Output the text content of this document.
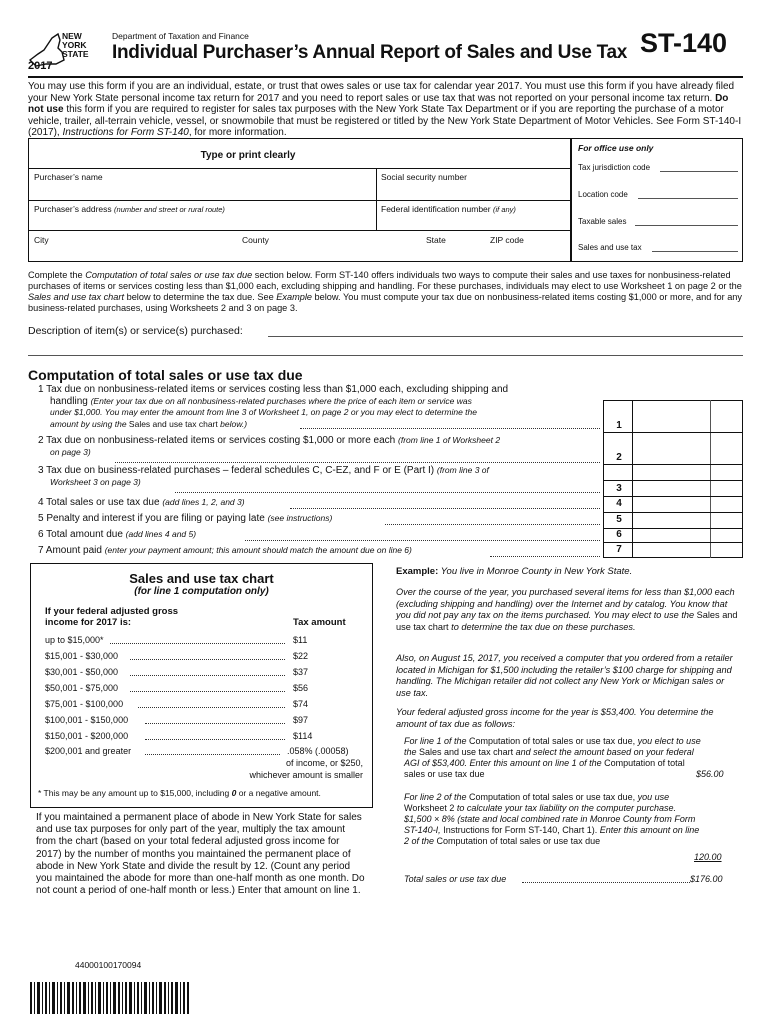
NEW
YORK
STATE
2017
Department of Taxation and Finance
Individual Purchaser’s Annual Report of Sales and Use Tax ST-140
You may use this form if you are an individual, estate, or trust that owes sales or use tax for calendar year 2017. You must use this form if you have already filed your New York State personal income tax return for 2017 and you need to report sales or use tax that was not reported on your personal income tax return. Do not use this form if you are required to register for sales tax purposes with the New York State Tax Department or if you are reporting the purchase of a motor vehicle, trailer, all-terrain vehicle, vessel, or snowmobile that must be registered or titled by the New York State Department of Motor Vehicles. See Form ST-140-I (2017), Instructions for Form ST-140, for more information.
Type or print clearly
Purchaser’s name	Social security number
Purchaser’s address (number and street or rural route)	Federal identification number (if any)
City	County	State	ZIP code
For office use only
Tax jurisdiction code
Location code
Taxable sales
Sales and use tax
Complete the Computation of total sales or use tax due section below. Form ST-140 offers individuals two ways to compute their sales and use taxes for nonbusiness-related purchases of items or services costing less than $1,000 each, excluding shipping and handling. For these purchases, individuals may elect to use Worksheet 1 on page 2 or the Sales and use tax chart below to determine the tax due. See Example below. You must compute your tax due on nonbusiness-related items costing $1,000 or more, and for any business-related purchases, using Worksheets 2 and 3 on page 3.
Description of item(s) or service(s) purchased:
Computation of total sales or use tax due
1 Tax due on nonbusiness-related items or services costing less than $1,000 each, excluding shipping and
handling (Enter your tax due on all nonbusiness-related purchases where the price of each item or service was
under $1,000. You may enter the amount from line 3 of Worksheet 1, on page 2 or you may elect to determine the
amount by using the Sales and use tax chart below.)
2 Tax due on nonbusiness-related items or services costing $1,000 or more each (from line 1 of Worksheet 2
on page 3)
3 Tax due on business-related purchases – federal schedules C, C-EZ, and F or E (Part I) (from line 3 of
Worksheet 3 on page 3)
4 Total sales or use tax due (add lines 1, 2, and 3)
5 Penalty and interest if you are filing or paying late (see instructions)
6 Total amount due (add lines 4 and 5)
7 Amount paid (enter your payment amount; this amount should match the amount due on line 6)
1
2
3
4
5
6
7
Sales and use tax chart
(for line 1 computation only)
If your federal adjusted gross
income for 2017 is:	Tax amount
up to $15,000*	$11
$15,001 - $30,000	$22
$30,001 - $50,000	$37
$50,001 - $75,000	$56
$75,001 - $100,000	$74
$100,001 - $150,000	$97
$150,001 - $200,000	$114
$200,001 and greater	.058% (.00058)
of income, or $250,
whichever amount is smaller
* This may be any amount up to $15,000, including 0 or a negative amount.
If you maintained a permanent place of abode in New York State for sales and use tax purposes for only part of the year, multiply the tax amount from the chart (based on your total federal adjusted gross income for 2017) by the number of months you maintained the permanent place of abode in New York State and divide the result by 12. (Count any period you maintained the abode for more than one-half month as one month. Do not count a period of one-half month or less.) Enter that amount on line 1.
Example: You live in Monroe County in New York State.
Over the course of the year, you purchased several items for less than $1,000 each (excluding shipping and handling) over the Internet and by catalog. You know that you did not pay any tax on the items purchased. You may elect to use the Sales and use tax chart to determine the tax due on these purchases.
Also, on August 15, 2017, you received a computer that you ordered from a retailer located in Michigan for $1,500 including the retailer’s $100 charge for shipping and handling. The Michigan retailer did not collect any New York or Michigan sales or use tax.
Your federal adjusted gross income for the year is $53,400. You determine the amount of tax due as follows:
For line 1 of the Computation of total sales or use tax due, you elect to use the Sales and use tax chart and select the amount based on your federal AGI of $53,400. Enter this amount on line 1 of the Computation of total sales or use tax due	$56.00
For line 2 of the Computation of total sales or use tax due, you use Worksheet 2 to calculate your tax liability on the computer purchase. $1,500 × 8% (state and local combined rate in Monroe County from Form ST-140-I, Instructions for Form ST-140, Chart 1). Enter this amount on line 2 of the Computation of total sales or use tax due
120.00
Total sales or use tax due	$176.00
44000100170094
